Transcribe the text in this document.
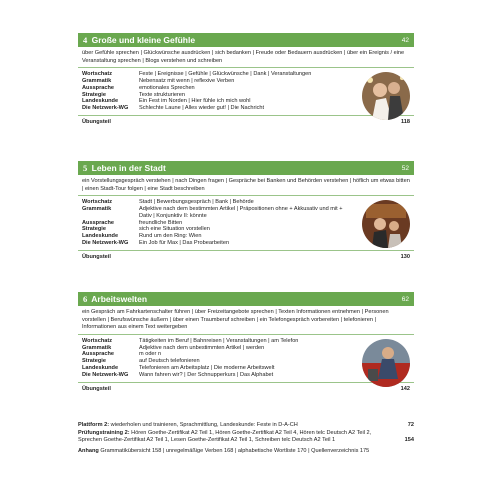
4 Große und kleine Gefühle	42
über Gefühle sprechen | Glückwünsche ausdrücken | sich bedanken | Freude oder Bedauern ausdrücken | über ein Ereignis / eine Veranstaltung sprechen | Blogs verstehen und schreiben
Wortschatz	Feste | Ereignisse | Gefühle | Glückwünsche | Dank | Veranstaltungen
Grammatik	Nebensatz mit wenn | reflexive Verben
Aussprache	emotionales Sprechen
Strategie	Texte strukturieren
Landeskunde	Ein Fest im Norden | Hier fühle ich mich wohl
Die Netzwerk-WG	Schlechte Laune | Alles wieder gut! | Die Nachricht
Übungsteil	118
5 Leben in der Stadt	52
ein Vorstellungsgespräch verstehen | nach Dingen fragen | Gespräche bei Banken und Behörden verstehen | höflich um etwas bitten | einen Stadt-Tour folgen | eine Stadt beschreiben
Wortschatz	Stadt | Bewerbungsgespräch | Bank | Behörde
Grammatik	Adjektive nach dem bestimmten Artikel | Präpositionen ohne + Akkusativ und mit + Dativ | Konjunktiv II: könnte
Aussprache	freundliche Bitten
Strategie	sich eine Situation vorstellen
Landeskunde	Rund um den Ring: Wien
Die Netzwerk-WG	Ein Job für Max | Das Probearbeiten
Übungsteil	130
6 Arbeitswelten	62
ein Gespräch am Fahrkartenschalter führen | über Freizeitangebote sprechen | Texten Informationen entnehmen | Personen vorstellen | Berufswünsche äußern | über einen Traumberuf schreiben | ein Telefongespräch vorbereiten | telefonieren | Informationen aus einem Text weitergeben
Wortschatz	Tätigkeiten im Beruf | Bahnreisen | Veranstaltungen | am Telefon
Grammatik	Adjektive nach dem unbestimmten Artikel | werden
Aussprache	m oder n
Strategie	auf Deutsch telefonieren
Landeskunde	Telefonieren am Arbeitsplatz | Die moderne Arbeitswelt
Die Netzwerk-WG	Wann fahren wir? | Der Schnupperkurs | Das Alphabet
Übungsteil	142
Plattform 2: wiederholen und trainieren, Sprachmittlung, Landeskunde: Feste in D-A-CH	72
Prüfungstraining 2: Hören Goethe-Zertifikat A2 Teil 1, Hören Goethe-Zertifikat A2 Teil 4, Hören telc Deutsch A2 Teil 2, Sprechen Goethe-Zertifikat A2 Teil 1, Lesen Goethe-Zertifikat A2 Teil 1, Schreiben telc Deutsch A2 Teil 1	154
Anhang Grammatikübersicht 158 | unregelmäßige Verben 168 | alphabetische Wortliste 170 | Quellenverzeichnis 175
